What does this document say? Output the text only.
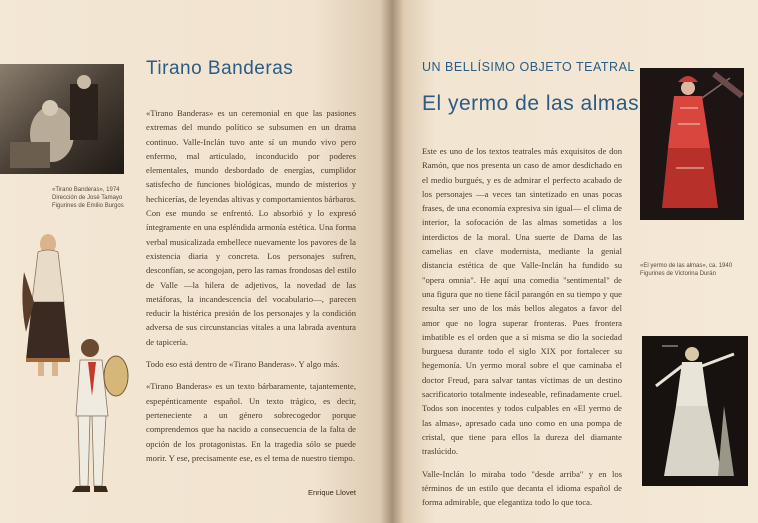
«Tirano Banderas», 1974
Dirección de José Tamayo
Figurines de Emilio Burgos
Tirano Banderas

«Tirano Banderas» es un ceremonial en que las pasiones extremas del mundo político se subsumen en un drama continuo. Valle-Inclán tuvo ante sí un mundo vivo pero enfermo, mal articulado, inconducido por poderes elementales, mundo desbordado de energías, cumplidor satisfecho de funciones biológicas, mundo de misterios y hechicerías, de leyendas altivas y comportamientos bárbaros. Con ese mundo se enfrentó. Lo absorbió y lo expresó íntegramente en una espléndida armonía estética. Una forma verbal musicalizada embellece nuevamente los pavores de la existencia diaria y concreta. Los personajes sufren, desconfían, se acongojan, pero las ramas frondosas del estilo de Valle —la hilera de adjetivos, la novedad de las metáforas, la incandescencia del vocabulario—, parecen reducir la histérica presión de los personajes y la condición adversa de sus circunstancias vitales a una labrada aventura de tapicería.

Todo eso está dentro de «Tirano Banderas». Y algo más.

«Tirano Banderas» es un texto bárbaramente, tajantemente, espepénticamente español. Un texto trágico, es decir, perteneciente a un género sobrecogedor porque comprendemos que ha nacido a consecuencia de la falta de opción de los protagonistas. En la tragedia sólo se puede morir. Y ese, precisamente ese, es el tema de nuestro tiempo.

Enrique Llovet
UN BELLÍSIMO OBJETO TEATRAL
El yermo de las almas

Este es uno de los textos teatrales más exquisitos de don Ramón, que nos presenta un caso de amor desdichado en el medio burgués, y es de admirar el perfecto acabado de los personajes —a veces tan sintetizado en unas pocas frases, de una economía expresiva sin igual— el clima de interior, la sofocación de las almas sometidas a los interdictos de la moral. Una suerte de Dama de las camelias en clave modernista, mediante la genial distancia estética de que Valle-Inclán ha fundido su "opera omnia". He aquí una comedia "sentimental" de una figura que no tiene fácil parangón en su tiempo y que resulta ser uno de los más bellos alegatos a favor del amor que no logra superar fronteras. Pues frontera imbatible es el orden que a sí misma se dio la sociedad burguesa durante todo el siglo XIX por fortalecer su hegemonía. Un yermo moral sobre el que caminaba el doctor Freud, para salvar tantas víctimas de un destino sacrificatorio totalmente indeseable, refinadamente cruel. Todos son inocentes y todos culpables en «El yermo de las almas», apresado cada uno como en una pompa de cristal, que tiene para ellos la dureza del diamante traslúcido.

Valle-Inclán lo miraba todo "desde arriba" y en los términos de un estilo que decanta el idioma español de forma admirable, que elegantiza todo lo que toca.

«El yermo de las almas», ca. 1940
Figurines de Victorina Durán
